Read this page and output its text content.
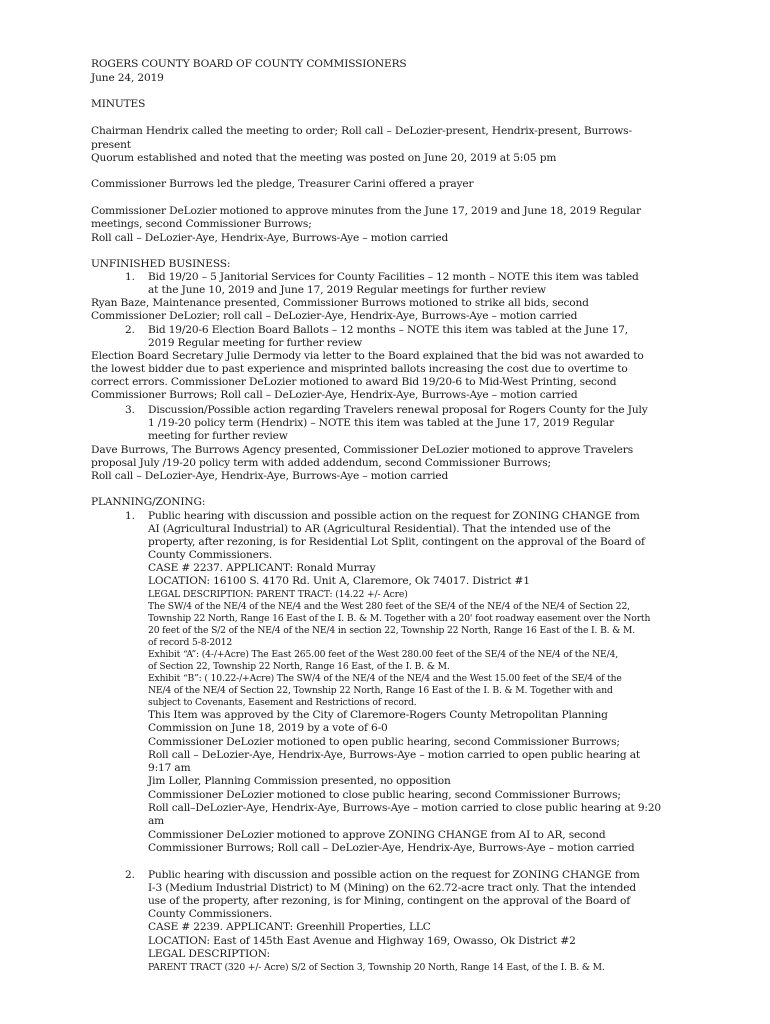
ROGERS COUNTY BOARD OF COUNTY COMMISSIONERS
June 24, 2019
MINUTES
Chairman Hendrix called the meeting to order; Roll call – DeLozier-present, Hendrix-present, Burrows-
present
Quorum established and noted that the meeting was posted on June 20, 2019 at 5:05 pm
Commissioner Burrows led the pledge, Treasurer Carini offered a prayer
Commissioner DeLozier motioned to approve minutes from the June 17, 2019 and June 18, 2019 Regular
meetings, second Commissioner Burrows;
Roll call – DeLozier-Aye, Hendrix-Aye, Burrows-Aye – motion carried
UNFINISHED BUSINESS:
1. Bid 19/20 – 5 Janitorial Services for County Facilities – 12 month – NOTE this item was tabled
at the June 10, 2019 and June 17, 2019 Regular meetings for further review
Ryan Baze, Maintenance presented, Commissioner Burrows motioned to strike all bids, second
Commissioner DeLozier; roll call – DeLozier-Aye, Hendrix-Aye, Burrows-Aye – motion carried
2. Bid 19/20-6 Election Board Ballots – 12 months – NOTE this item was tabled at the June 17,
2019 Regular meeting for further review
Election Board Secretary Julie Dermody via letter to the Board explained that the bid was not awarded to
the lowest bidder due to past experience and misprinted ballots increasing the cost due to overtime to
correct errors. Commissioner DeLozier motioned to award Bid 19/20-6 to Mid-West Printing, second
Commissioner Burrows; Roll call – DeLozier-Aye, Hendrix-Aye, Burrows-Aye – motion carried
3. Discussion/Possible action regarding Travelers renewal proposal for Rogers County for the July
1 /19-20 policy term (Hendrix) – NOTE this item was tabled at the June 17, 2019 Regular
meeting for further review
Dave Burrows, The Burrows Agency presented, Commissioner DeLozier motioned to approve Travelers
proposal July /19-20 policy term with added addendum, second Commissioner Burrows;
Roll call – DeLozier-Aye, Hendrix-Aye, Burrows-Aye – motion carried
PLANNING/ZONING:
1. Public hearing with discussion and possible action on the request for ZONING CHANGE from
AI (Agricultural Industrial) to AR (Agricultural Residential). That the intended use of the
property, after rezoning, is for Residential Lot Split, contingent on the approval of the Board of
County Commissioners.
CASE # 2237. APPLICANT: Ronald Murray
LOCATION: 16100 S. 4170 Rd. Unit A, Claremore, Ok 74017. District #1
LEGAL DESCRIPTION: PARENT TRACT: (14.22 +/- Acre)
The SW/4 of the NE/4 of the NE/4 and the West 280 feet of the SE/4 of the NE/4 of the NE/4 of Section 22,
Township 22 North, Range 16 East of the I. B. & M. Together with a 20' foot roadway easement over the North
20 feet of the S/2 of the NE/4 of the NE/4 in section 22, Township 22 North, Range 16 East of the I. B. & M.
of record 5-8-2012
Exhibit “A”: (4-/+Acre) The East 265.00 feet of the West 280.00 feet of the SE/4 of the NE/4 of the NE/4,
of Section 22, Township 22 North, Range 16 East, of the I. B. & M.
Exhibit “B”: ( 10.22-/+Acre) The SW/4 of the NE/4 of the NE/4 and the West 15.00 feet of the SE/4 of the
NE/4 of the NE/4 of Section 22, Township 22 North, Range 16 East of the I. B. & M. Together with and
subject to Covenants, Easement and Restrictions of record.
This Item was approved by the City of Claremore-Rogers County Metropolitan Planning
Commission on June 18, 2019 by a vote of 6-0
Commissioner DeLozier motioned to open public hearing, second Commissioner Burrows;
Roll call – DeLozier-Aye, Hendrix-Aye, Burrows-Aye – motion carried to open public hearing at
9:17 am
Jim Loller, Planning Commission presented, no opposition
Commissioner DeLozier motioned to close public hearing, second Commissioner Burrows;
Roll call–DeLozier-Aye, Hendrix-Aye, Burrows-Aye – motion carried to close public hearing at 9:20
am
Commissioner DeLozier motioned to approve ZONING CHANGE from AI to AR, second
Commissioner Burrows; Roll call – DeLozier-Aye, Hendrix-Aye, Burrows-Aye – motion carried
2. Public hearing with discussion and possible action on the request for ZONING CHANGE from
I-3 (Medium Industrial District) to M (Mining) on the 62.72-acre tract only. That the intended
use of the property, after rezoning, is for Mining, contingent on the approval of the Board of
County Commissioners.
CASE # 2239. APPLICANT: Greenhill Properties, LLC
LOCATION: East of 145th East Avenue and Highway 169, Owasso, Ok District #2
LEGAL DESCRIPTION:
PARENT TRACT (320 +/- Acre) S/2 of Section 3, Township 20 North, Range 14 East, of the I. B. & M.
